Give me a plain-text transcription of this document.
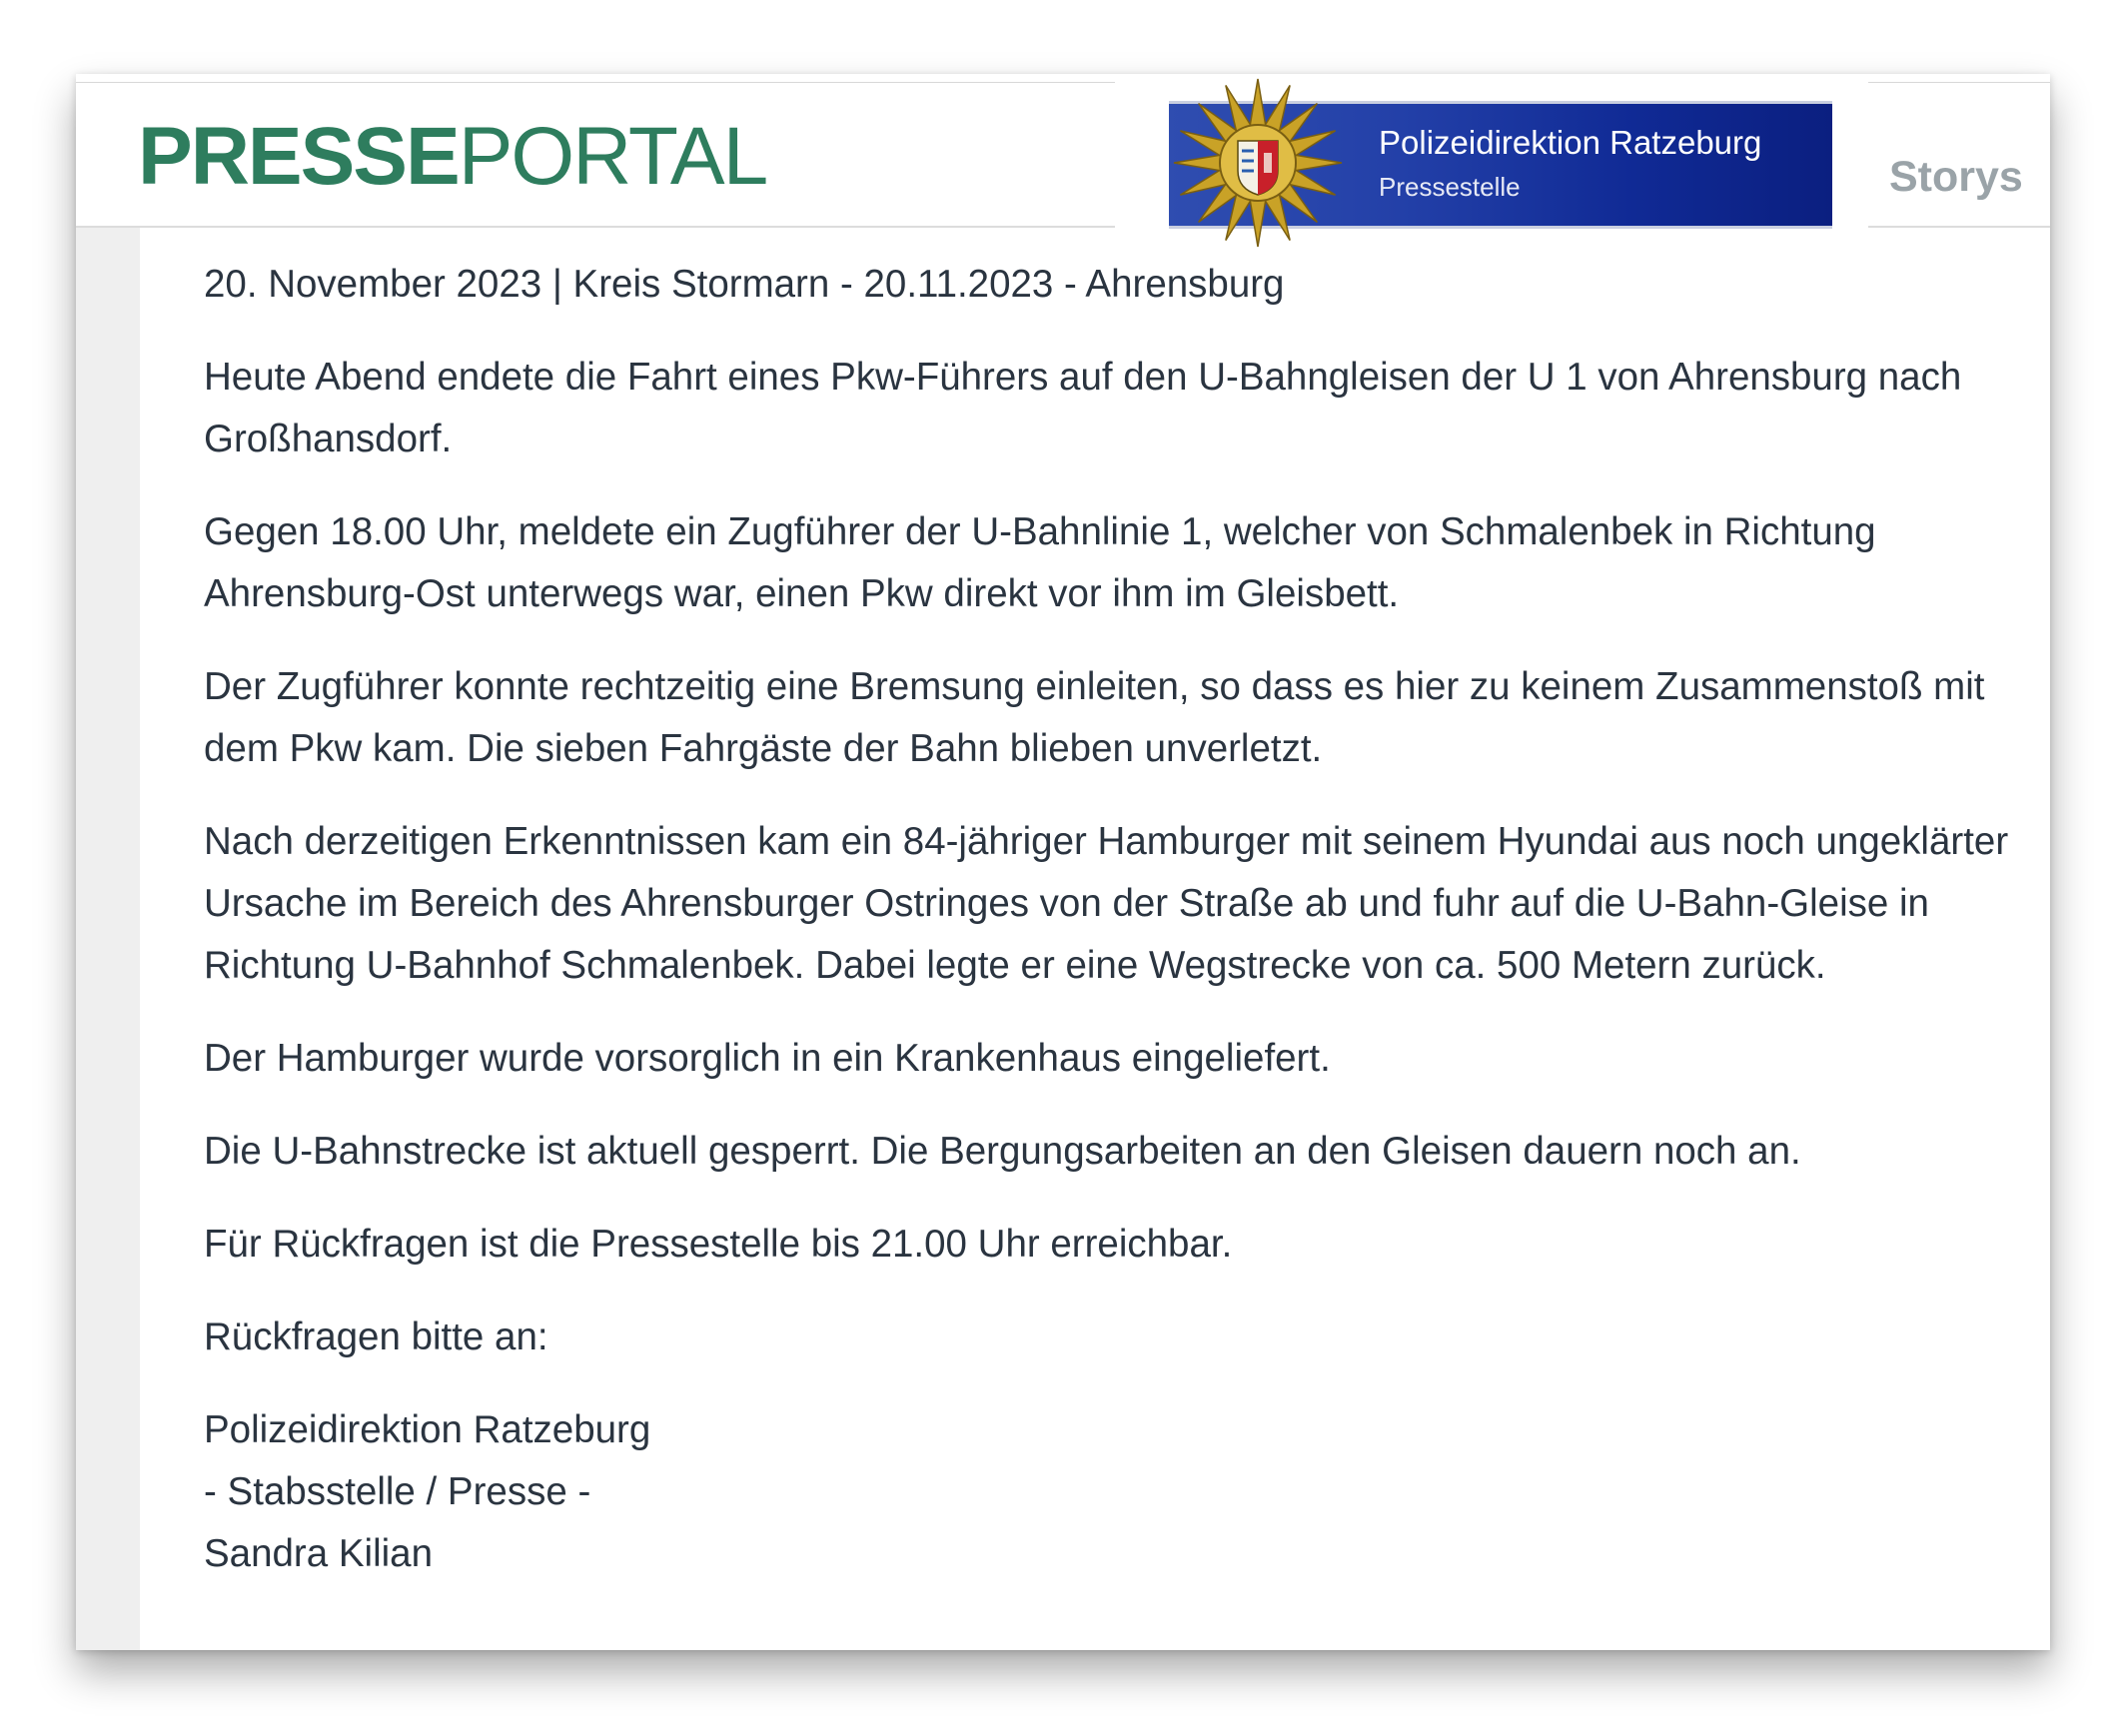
PRESSEPORTAL	Polizeidirektion Ratzeburg
Pressestelle	Storys

20. November 2023 | Kreis Stormarn - 20.11.2023 - Ahrensburg

Heute Abend endete die Fahrt eines Pkw-Führers auf den U-Bahngleisen der U 1 von Ahrensburg nach Großhansdorf.

Gegen 18.00 Uhr, meldete ein Zugführer der U-Bahnlinie 1, welcher von Schmalenbek in Richtung Ahrensburg-Ost unterwegs war, einen Pkw direkt vor ihm im Gleisbett.

Der Zugführer konnte rechtzeitig eine Bremsung einleiten, so dass es hier zu keinem Zusammenstoß mit dem Pkw kam. Die sieben Fahrgäste der Bahn blieben unverletzt.

Nach derzeitigen Erkenntnissen kam ein 84-jähriger Hamburger mit seinem Hyundai aus noch ungeklärter Ursache im Bereich des Ahrensburger Ostringes von der Straße ab und fuhr auf die U-Bahn-Gleise in Richtung U-Bahnhof Schmalenbek. Dabei legte er eine Wegstrecke von ca. 500 Metern zurück.

Der Hamburger wurde vorsorglich in ein Krankenhaus eingeliefert.

Die U-Bahnstrecke ist aktuell gesperrt. Die Bergungsarbeiten an den Gleisen dauern noch an.

Für Rückfragen ist die Pressestelle bis 21.00 Uhr erreichbar.

Rückfragen bitte an:

Polizeidirektion Ratzeburg
- Stabsstelle / Presse -
Sandra Kilian
